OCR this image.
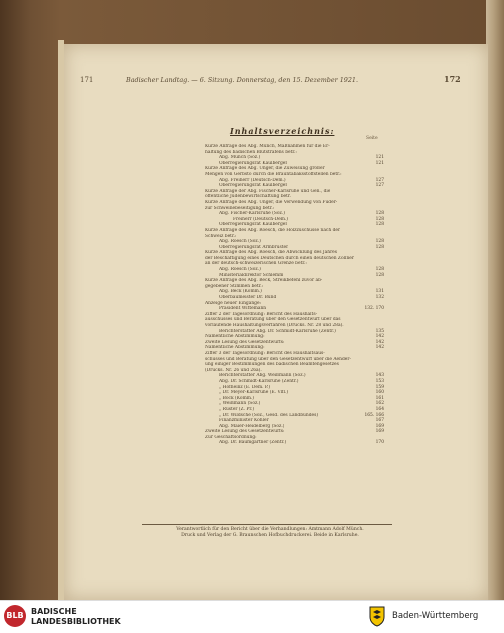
171	Badischer Landtag. — 6. Sitzung. Donnerstag, den 15. Dezember 1921.	172
Inhaltsverzeichnis:
Seite
Kurze Anfrage des Abg. Münch, Maßnahmen für die Er-
haltung des badischen Blutstrafens betr.:
Abg. Münch (Soz.)	121
Oberregierungsrat Kaulberger	121
Kurze Anfrage des Abg. Unger, die Zuweisung großer
Mengen von Gerbsto durch die Brauntabaksstoffstellen betr.:
Abg. Freiherr (Deutsch-Dem.)	127
Oberregierungsrat Kaulberger	127
Kurze Anfrage der Abg. Fischer-Karlsruhe und Gen., die
öffentliche Judenbewirtschaftung betr.
Kurze Anfrage des Abg. Unger, die Verwendung von Fuder-
zur Schweinebeseitigung betr.:
Abg. Fischer-Karlsruhe (Soz.)	128
Freiherr (Deutsch-Dem.)	128
Oberregierungsrat Kaulberger	128
Kurze Anfrage des Abg. Roesch, die Holzzuschüsse nach der
Schweiz betr.:
Abg. Roesch (Soz.)	128
Oberregierungsrat Armbruster	128
Kurze Anfrage des Abg. Roesch, die Abwicklung des Jahres
der Beschäftigung eines Deutschen durch einen deutschen Zöllner
an der deutsch-schweizerischen Grenze betr.:
Abg. Roesch (Soz.)	128
Ministerialdirektor Schlemm	128
Kurze Anfrage des Abg. Beck, Streikbefehl zuvor ab-
gegebener Stimmen betr.:
Abg. Beck (Komm.)	131
Oberbaumeister Dr. Bund	132
Anzeige neuer Eingänge:
Präsident Wittemann	132. 170
Ziffer 2 der Tagesordnung: Bericht des Haushalts-
ausschusses und Beratung über den Gesetzentwurf über das
vorlaufende Haushaltungsverfahren (Drucks. Nr. 28 und 28a).
Berichterstatter Abg. Dr. Schmidt-Karlsruhe (Zentr.)	135
Namentliche Abstimmung:	142
Zweite Lesung des Gesetzentwurfs:	142
Namentliche Abstimmung:	142
Ziffer 3 der Tagesordnung: Bericht des Haushaltsaus-
schusses und Beratung über den Gesetzentwurf über die Aender-
ung einiger Bestimmungen des badischen Beamtengesetzes
(Drucks. Nr. 26 und 26a).
Berichterstatter Abg. Weißmann (Soz.)	143
Abg. Dr. Schmidt-Karlsruhe (Zentr.)	153
„ Hofheinz (E. Dem. P.)	159
„ Dr. Meyer-Karlsruhe (E. Vlfl.)	160
„ Bock (Komm.)	161
„ Weißmann (Soz.)	162
„ Rüster (Z. Pr.)	164
„ Dr. Wildsche (Soz., Gesd. des Landbundes)	165. 166
Finanzminister Köhler	167
Abg. Maier-Heidelberg (Soz.)	169
Zweite Lesung des Gesetzentwurfs:	169
Zur Geschäftsordnung:
Abg. Dr. Baumgartner (Zentr.)	170
Verantwortlich für den Bericht über die Verhandlungen: Amtmann Adolf Münch.
Druck und Verlag der G. Braunschen Hofbuchdruckerei. Beide in Karlsruhe.
BLB BADISCHE
LANDESBIBLIOTHEK
Baden-Württemberg
